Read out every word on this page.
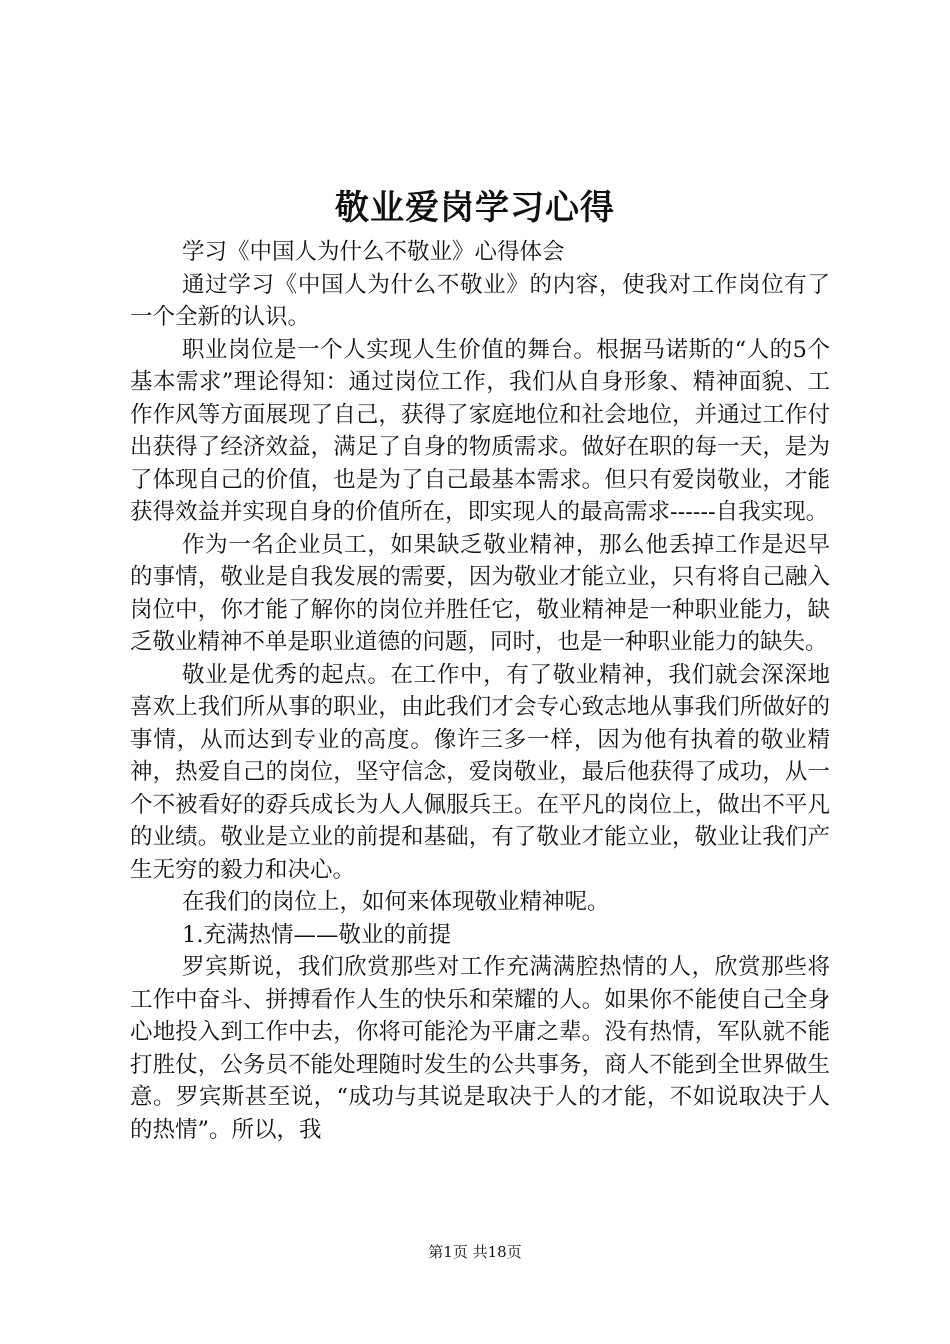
敬业爱岗学习心得

学习《中国人为什么不敬业》心得体会

通过学习《中国人为什么不敬业》的内容，使我对工作岗位有了一个全新的认识。

职业岗位是一个人实现人生价值的舞台。根据马诺斯的“人的5个基本需求”理论得知：通过岗位工作，我们从自身形象、精神面貌、工作作风等方面展现了自己，获得了家庭地位和社会地位，并通过工作付出获得了经济效益，满足了自身的物质需求。做好在职的每一天，是为了体现自己的价值，也是为了自己最基本需求。但只有爱岗敬业，才能获得效益并实现自身的价值所在，即实现人的最高需求------自我实现。

作为一名企业员工，如果缺乏敬业精神，那么他丢掉工作是迟早的事情，敬业是自我发展的需要，因为敬业才能立业，只有将自己融入岗位中，你才能了解你的岗位并胜任它，敬业精神是一种职业能力，缺乏敬业精神不单是职业道德的问题，同时，也是一种职业能力的缺失。

敬业是优秀的起点。在工作中，有了敬业精神，我们就会深深地喜欢上我们所从事的职业，由此我们才会专心致志地从事我们所做好的事情，从而达到专业的高度。像许三多一样，因为他有执着的敬业精神，热爱自己的岗位，坚守信念，爱岗敬业，最后他获得了成功，从一个不被看好的孬兵成长为人人佩服兵王。在平凡的岗位上，做出不平凡的业绩。敬业是立业的前提和基础，有了敬业才能立业，敬业让我们产生无穷的毅力和决心。

在我们的岗位上，如何来体现敬业精神呢。

1.充满热情——敬业的前提

罗宾斯说，我们欣赏那些对工作充满满腔热情的人，欣赏那些将工作中奋斗、拼搏看作人生的快乐和荣耀的人。如果你不能使自己全身心地投入到工作中去，你将可能沦为平庸之辈。没有热情，军队就不能打胜仗，公务员不能处理随时发生的公共事务，商人不能到全世界做生意。罗宾斯甚至说，“成功与其说是取决于人的才能，不如说取决于人的热情”。所以，我

第1页 共18页
